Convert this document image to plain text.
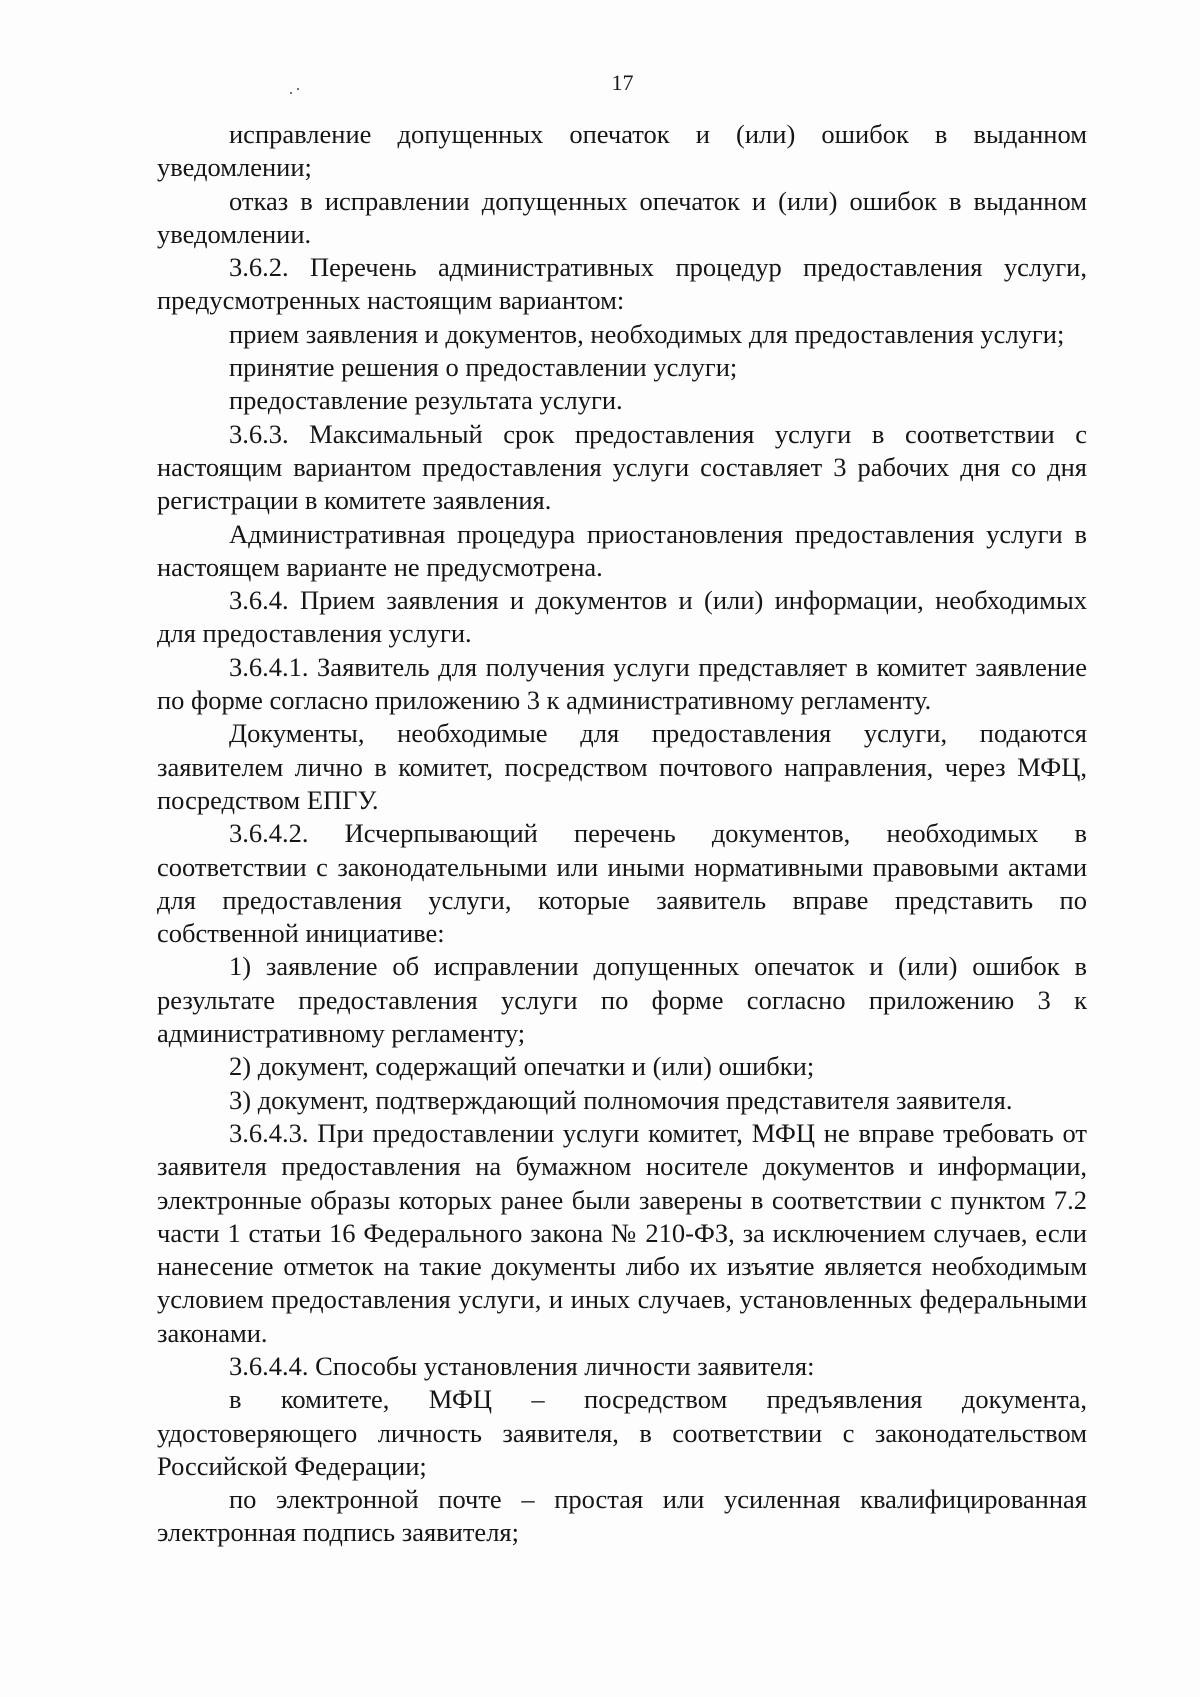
17

исправление допущенных опечаток и (или) ошибок в выданном уведомлении;

отказ в исправлении допущенных опечаток и (или) ошибок в выданном уведомлении.

3.6.2. Перечень административных процедур предоставления услуги, предусмотренных настоящим вариантом:

прием заявления и документов, необходимых для предоставления услуги;

принятие решения о предоставлении услуги;

предоставление результата услуги.

3.6.3. Максимальный срок предоставления услуги в соответствии с настоящим вариантом предоставления услуги составляет 3 рабочих дня со дня регистрации в комитете заявления.

Административная процедура приостановления предоставления услуги в настоящем варианте не предусмотрена.

3.6.4. Прием заявления и документов и (или) информации, необходимых для предоставления услуги.

3.6.4.1. Заявитель для получения услуги представляет в комитет заявление по форме согласно приложению 3 к административному регламенту.

Документы, необходимые для предоставления услуги, подаются заявителем лично в комитет, посредством почтового направления, через МФЦ, посредством ЕПГУ.

3.6.4.2. Исчерпывающий перечень документов, необходимых в соответствии с законодательными или иными нормативными правовыми актами для предоставления услуги, которые заявитель вправе представить по собственной инициативе:

1) заявление об исправлении допущенных опечаток и (или) ошибок в результате предоставления услуги по форме согласно приложению 3 к административному регламенту;

2) документ, содержащий опечатки и (или) ошибки;

3) документ, подтверждающий полномочия представителя заявителя.

3.6.4.3. При предоставлении услуги комитет, МФЦ не вправе требовать от заявителя предоставления на бумажном носителе документов и информации, электронные образы которых ранее были заверены в соответствии с пунктом 7.2 части 1 статьи 16 Федерального закона № 210-ФЗ, за исключением случаев, если нанесение отметок на такие документы либо их изъятие является необходимым условием предоставления услуги, и иных случаев, установленных федеральными законами.

3.6.4.4. Способы установления личности заявителя:

в комитете, МФЦ – посредством предъявления документа, удостоверяющего личность заявителя, в соответствии с законодательством Российской Федерации;

по электронной почте – простая или усиленная квалифицированная электронная подпись заявителя;
